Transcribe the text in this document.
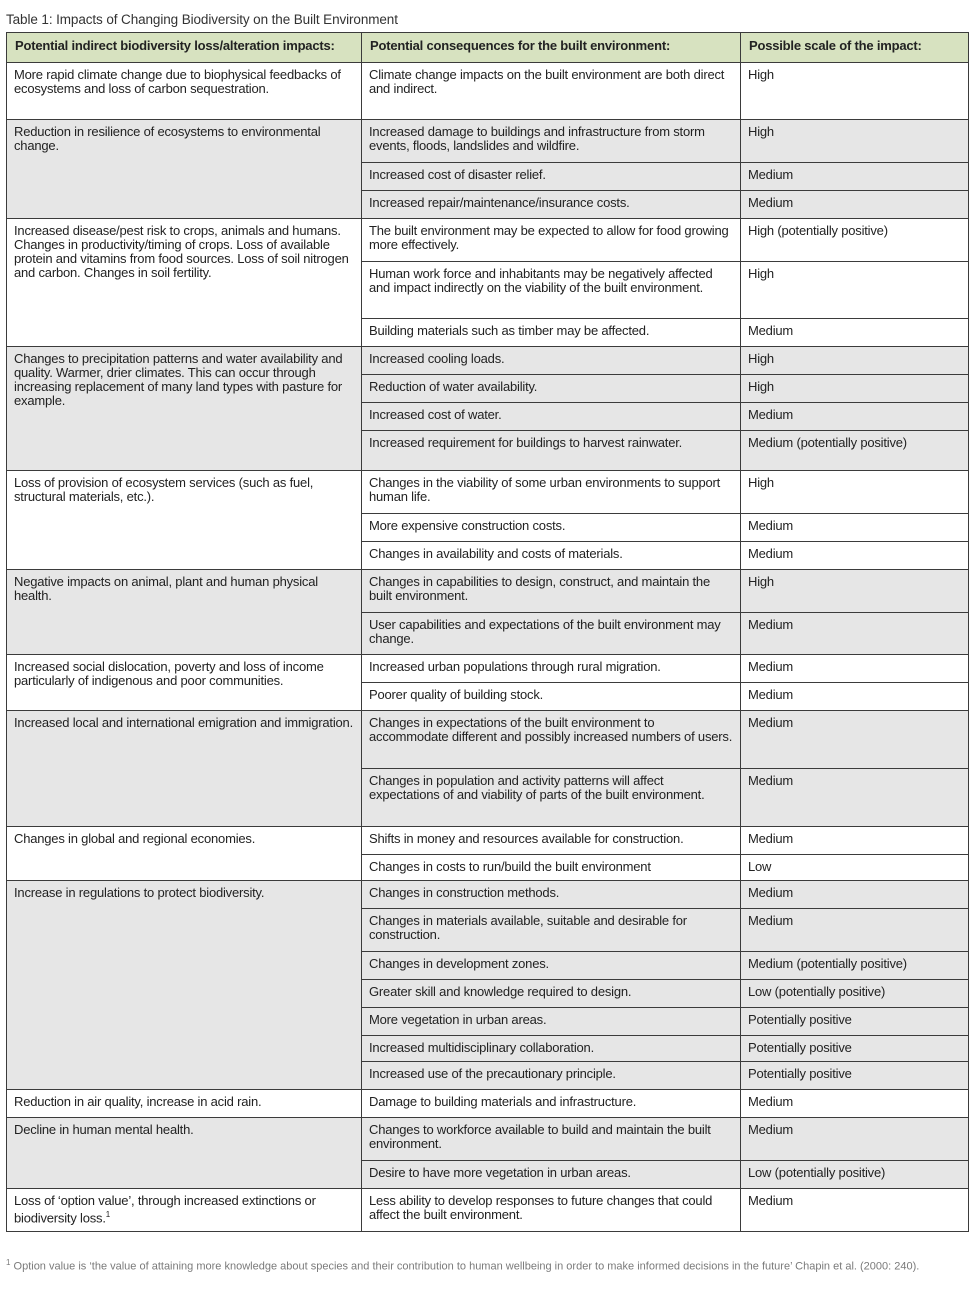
Table 1: Impacts of Changing Biodiversity on the Built Environment
Potential indirect biodiversity loss/alteration impacts:	Potential consequences for the built environment:	Possible scale of the impact:
More rapid climate change due to biophysical feedbacks of ecosystems and loss of carbon sequestration.	Climate change impacts on the built environment are both direct and indirect.	High
Reduction in resilience of ecosystems to environmental change.	Increased damage to buildings and infrastructure from storm events, floods, landslides and wildfire.	High
	Increased cost of disaster relief.	Medium
	Increased repair/maintenance/insurance costs.	Medium
Increased disease/pest risk to crops, animals and humans. Changes in productivity/timing of crops. Loss of available protein and vitamins from food sources. Loss of soil nitrogen and carbon. Changes in soil fertility.	The built environment may be expected to allow for food growing more effectively.	High (potentially positive)
	Human work force and inhabitants may be negatively affected and impact indirectly on the viability of the built environment.	High
	Building materials such as timber may be affected.	Medium
Changes to precipitation patterns and water availability and quality. Warmer, drier climates. This can occur through increasing replacement of many land types with pasture for example.	Increased cooling loads.	High
	Reduction of water availability.	High
	Increased cost of water.	Medium
	Increased requirement for buildings to harvest rainwater.	Medium (potentially positive)
Loss of provision of ecosystem services (such as fuel, structural materials, etc.).	Changes in the viability of some urban environments to support human life.	High
	More expensive construction costs.	Medium
	Changes in availability and costs of materials.	Medium
Negative impacts on animal, plant and human physical health.	Changes in capabilities to design, construct, and maintain the built environment.	High
	User capabilities and expectations of the built environment may change.	Medium
Increased social dislocation, poverty and loss of income particularly of indigenous and poor communities.	Increased urban populations through rural migration.	Medium
	Poorer quality of building stock.	Medium
Increased local and international emigration and immigration.	Changes in expectations of the built environment to accommodate different and possibly increased numbers of users.	Medium
	Changes in population and activity patterns will affect expectations of and viability of parts of the built environment.	Medium
Changes in global and regional economies.	Shifts in money and resources available for construction.	Medium
	Changes in costs to run/build the built environment	Low
Increase in regulations to protect biodiversity.	Changes in construction methods.	Medium
	Changes in materials available, suitable and desirable for construction.	Medium
	Changes in development zones.	Medium (potentially positive)
	Greater skill and knowledge required to design.	Low (potentially positive)
	More vegetation in urban areas.	Potentially positive
	Increased multidisciplinary collaboration.	Potentially positive
	Increased use of the precautionary principle.	Potentially positive
Reduction in air quality, increase in acid rain.	Damage to building materials and infrastructure.	Medium
Decline in human mental health.	Changes to workforce available to build and maintain the built environment.	Medium
	Desire to have more vegetation in urban areas.	Low (potentially positive)
Loss of ‘option value’, through increased extinctions or biodiversity loss.$^1$	Less ability to develop responses to future changes that could affect the built environment.	Medium
$^1$ Option value is ‘the value of attaining more knowledge about species and their contribution to human wellbeing in order to make informed decisions in the future’ Chapin et al. (2000: 240).
